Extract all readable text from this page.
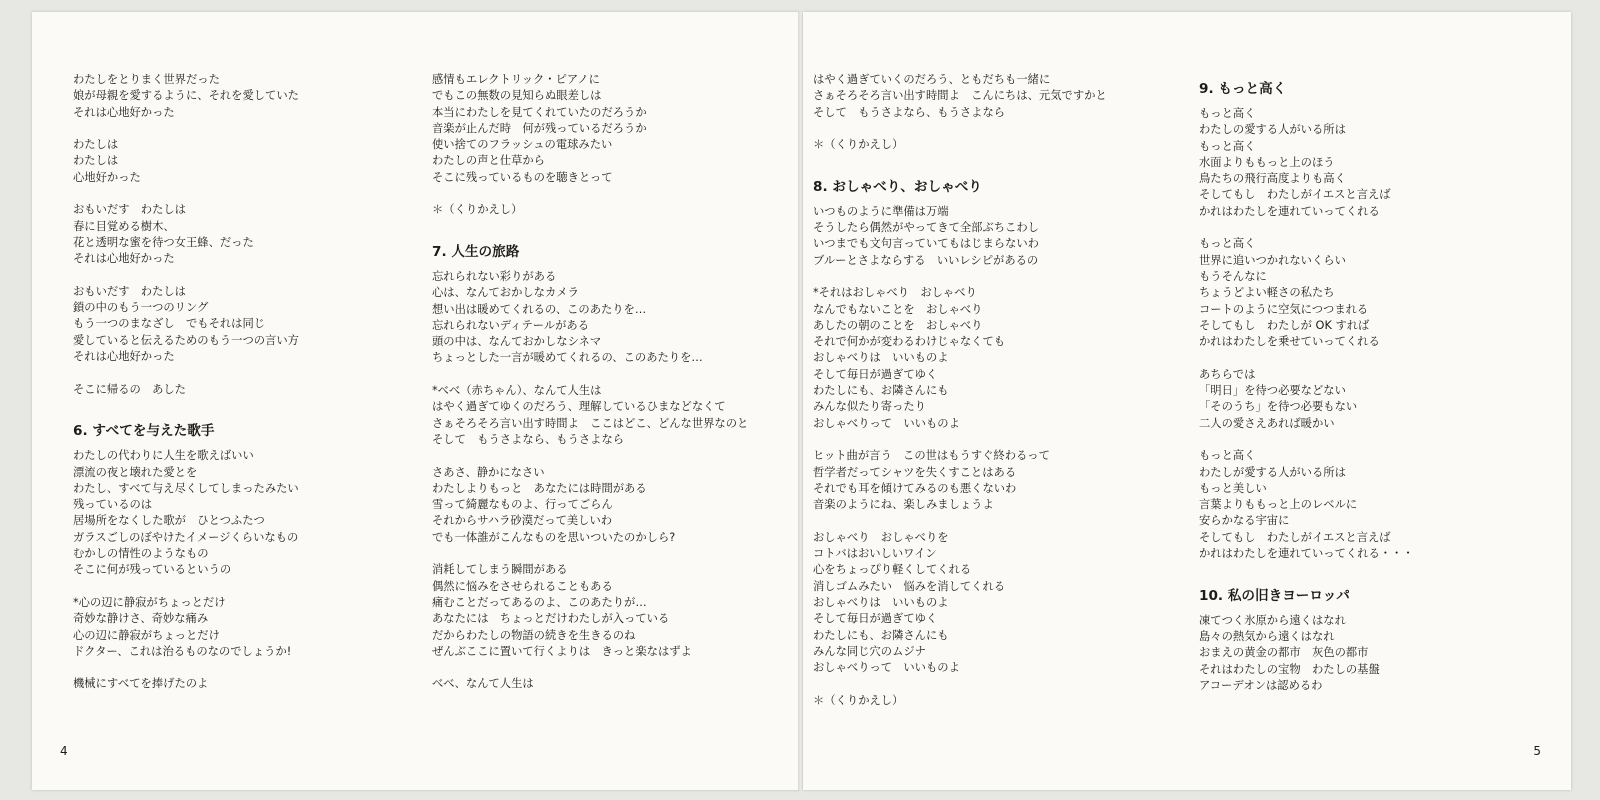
わたしをとりまく世界だった
娘が母親を愛するように、それを愛していた
それは心地好かった
わたしは
わたしは
心地好かった
おもいだす　わたしは
春に目覚める樹木、
花と透明な蜜を待つ女王蜂、だった
それは心地好かった
おもいだす　わたしは
鎖の中のもう一つのリング
もう一つのまなざし　でもそれは同じ
愛していると伝えるためのもう一つの言い方
それは心地好かった
そこに帰るの　あした
6. すべてを与えた歌手
わたしの代わりに人生を歌えばいい
漂流の夜と壊れた愛とを
わたし、すべて与え尽くしてしまったみたい
残っているのは
居場所をなくした歌が　ひとつふたつ
ガラスごしのぼやけたイメージくらいなもの
むかしの情性のようなもの
そこに何が残っているというの
*心の辺に静寂がちょっとだけ
奇妙な静けさ、奇妙な痛み
心の辺に静寂がちょっとだけ
ドクター、これは治るものなのでしょうか!
機械にすべてを捧げたのよ
感情もエレクトリック・ピアノに
でもこの無数の見知らぬ眼差しは
本当にわたしを見てくれていたのだろうか
音楽が止んだ時　何が残っているだろうか
使い捨てのフラッシュの電球みたい
わたしの声と仕草から
そこに残っているものを聴きとって
＊（くりかえし）
7. 人生の旅路
忘れられない彩りがある
心は、なんておかしなカメラ
想い出は暖めてくれるの、このあたりを…
忘れられないディテールがある
頭の中は、なんておかしなシネマ
ちょっとした一言が暖めてくれるの、このあたりを…
*べべ（赤ちゃん）、なんて人生は
はやく過ぎてゆくのだろう、理解しているひまなどなくて
さぁそろそろ言い出す時間よ　ここはどこ、どんな世界なのと
そして　もうさよなら、もうさよなら
さあさ、静かになさい
わたしよりもっと　あなたには時間がある
雪って綺麗なものよ、行ってごらん
それからサハラ砂漠だって美しいわ
でも一体誰がこんなものを思いついたのかしら?
消耗してしまう瞬間がある
偶然に悩みをさせられることもある
痛むことだってあるのよ、このあたりが…
あなたには　ちょっとだけわたしが入っている
だからわたしの物語の続きを生きるのね
ぜんぶここに置いて行くよりは　きっと楽なはずよ
べべ、なんて人生は
4
はやく過ぎていくのだろう、ともだちも一緒に
さぁそろそろ言い出す時間よ　こんにちは、元気ですかと
そして　もうさよなら、もうさよなら
＊（くりかえし）
8. おしゃべり、おしゃべり
いつものように準備は万端
そうしたら偶然がやってきて全部ぶちこわし
いつまでも文句言っていてもはじまらないわ
ブルーとさよならする　いいレシピがあるの
*それはおしゃべり　おしゃべり
なんでもないことを　おしゃべり
あしたの朝のことを　おしゃべり
それで何かが変わるわけじゃなくても
おしゃべりは　いいものよ
そして毎日が過ぎてゆく
わたしにも、お隣さんにも
みんな似たり寄ったり
おしゃべりって　いいものよ
ヒット曲が言う　この世はもうすぐ終わるって
哲学者だってシャツを失くすことはある
それでも耳を傾けてみるのも悪くないわ
音楽のようにね、楽しみましょうよ
おしゃべり　おしゃべりを
コトバはおいしいワイン
心をちょっぴり軽くしてくれる
消しゴムみたい　悩みを消してくれる
おしゃべりは　いいものよ
そして毎日が過ぎてゆく
わたしにも、お隣さんにも
みんな同じ穴のムジナ
おしゃべりって　いいものよ
＊（くりかえし）
9. もっと高く
もっと高く
わたしの愛する人がいる所は
もっと高く
水面よりももっと上のほう
鳥たちの飛行高度よりも高く
そしてもし　わたしがイエスと言えば
かれはわたしを連れていってくれる
もっと高く
世界に追いつかれないくらい
もうそんなに
ちょうどよい軽さの私たち
コートのように空気につつまれる
そしてもし　わたしが OK すれば
かれはわたしを乗せていってくれる
あちらでは
「明日」を待つ必要などない
「そのうち」を待つ必要もない
二人の愛さえあれば暖かい
もっと高く
わたしが愛する人がいる所は
もっと美しい
言葉よりももっと上のレベルに
安らかなる宇宙に
そしてもし　わたしがイエスと言えば
かれはわたしを連れていってくれる・・・
10. 私の旧きヨーロッパ
凍てつく氷原から遠くはなれ
島々の熱気から遠くはなれ
おまえの黄金の都市　灰色の都市
それはわたしの宝物　わたしの基盤
アコーデオンは認めるわ
5
